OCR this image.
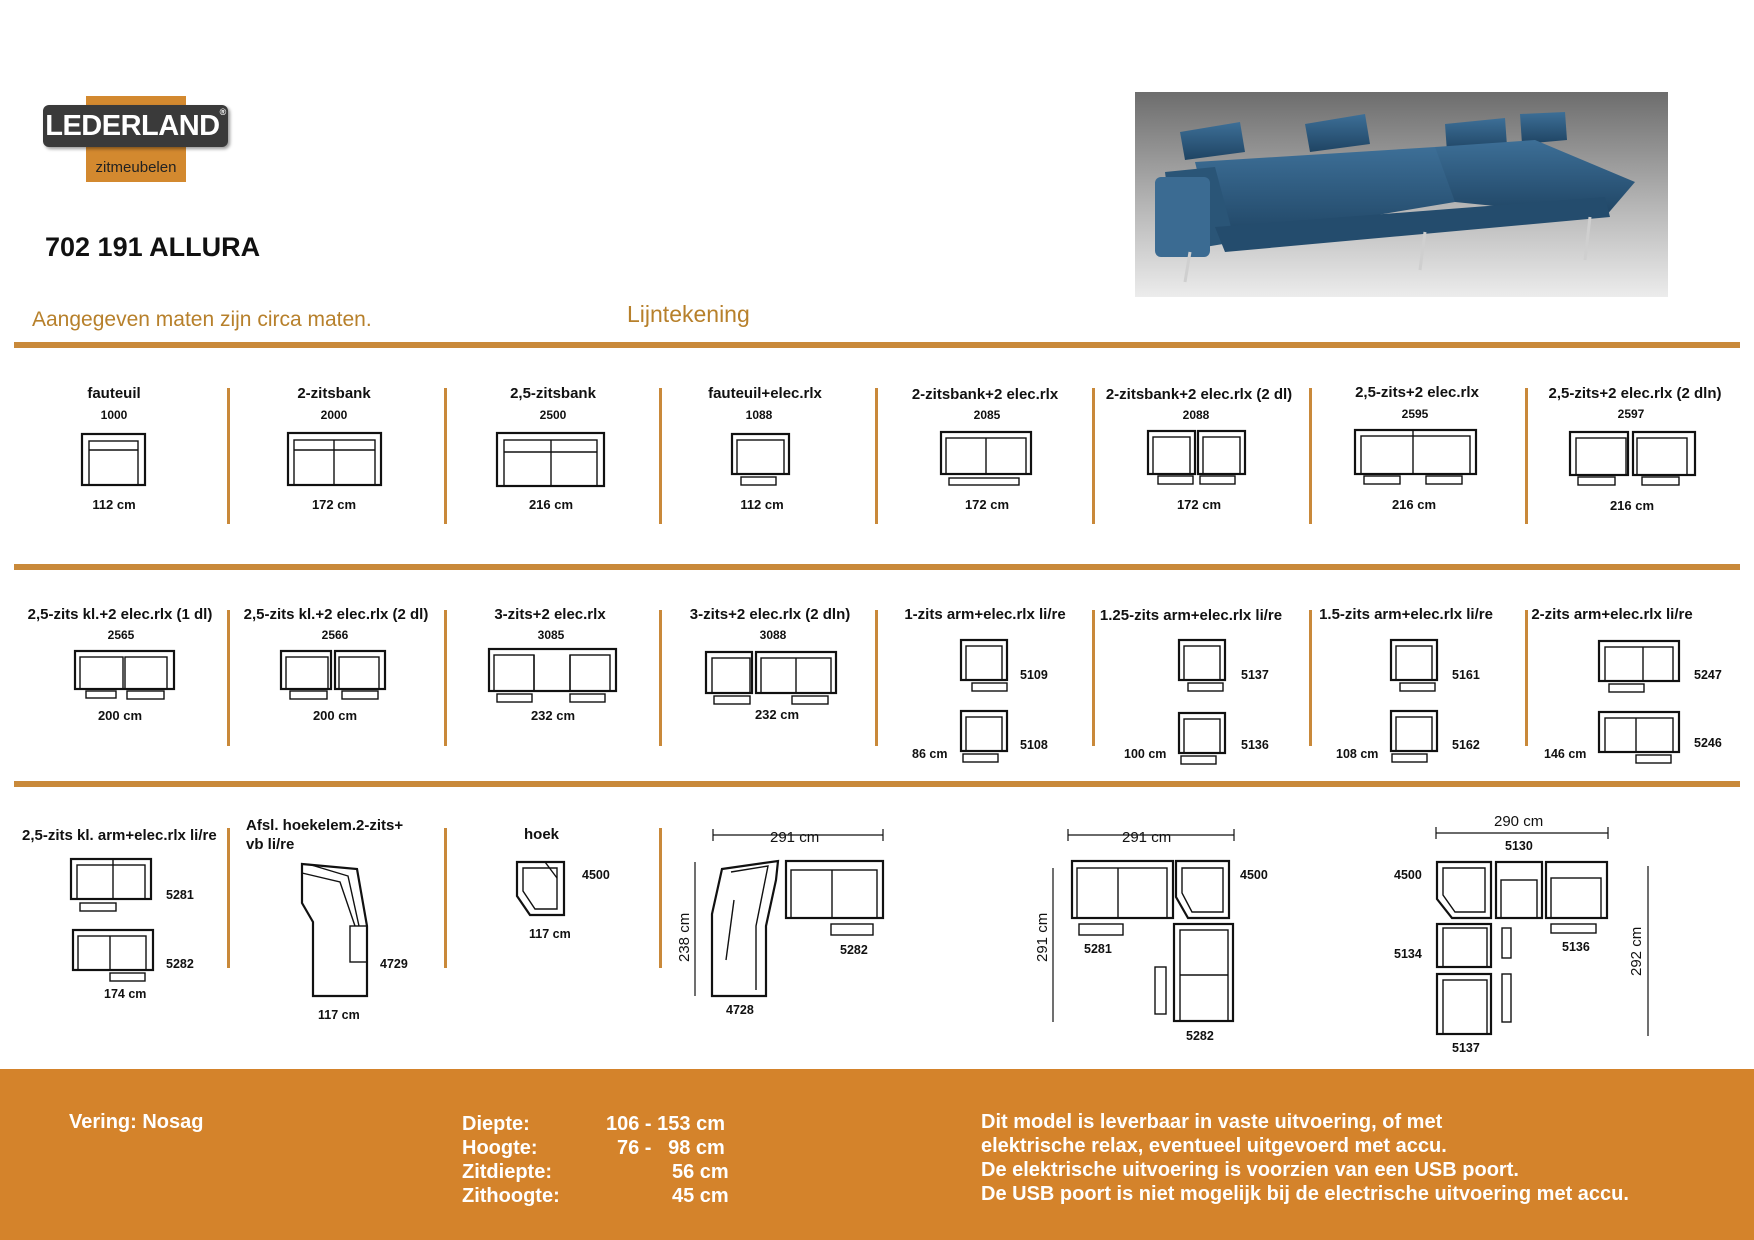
LEDERLAND®
zitmeubelen
702 191 ALLURA
Aangegeven maten zijn circa maten.	Lijntekening
fauteuil
1000
112 cm
2-zitsbank
2000
172 cm
2,5-zitsbank
2500
216 cm
fauteuil+elec.rlx
1088
112 cm
2-zitsbank+2 elec.rlx
2085
172 cm
2-zitsbank+2 elec.rlx (2 dl)
2088
172 cm
2,5-zits+2 elec.rlx
2595
216 cm
2,5-zits+2 elec.rlx (2 dln)
2597
216 cm
2,5-zits kl.+2 elec.rlx (1 dl)
2565
200 cm
2,5-zits kl.+2 elec.rlx (2 dl)
2566
200 cm
3-zits+2 elec.rlx
3085
232 cm
3-zits+2 elec.rlx (2 dln)
3088
232 cm
1-zits arm+elec.rlx li/re
5109
5108
86 cm
1.25-zits arm+elec.rlx li/re
5137
5136
100 cm
1.5-zits arm+elec.rlx li/re
5161
5162
108 cm
2-zits arm+elec.rlx li/re
5247
5246
146 cm
2,5-zits kl. arm+elec.rlx li/re
5281
5282
174 cm
Afsl. hoekelem.2-zits+
vb li/re
4729
117 cm
hoek
4500
117 cm
291 cm
238 cm	5282
4728
291 cm
291 cm
4500
5281
5282
290 cm
292 cm
5130
4500
5134	5136
5137
Vering: Nosag	Diepte:	106 - 153 cm
Hoogte:	76 -   98 cm
Zitdiepte:	56 cm
Zithoogte:	45 cm
Dit model is leverbaar in vaste uitvoering, of met
elektrische relax, eventueel uitgevoerd met accu.
De elektrische uitvoering is voorzien van een USB poort.
De USB poort is niet mogelijk bij de electrische uitvoering met accu.
